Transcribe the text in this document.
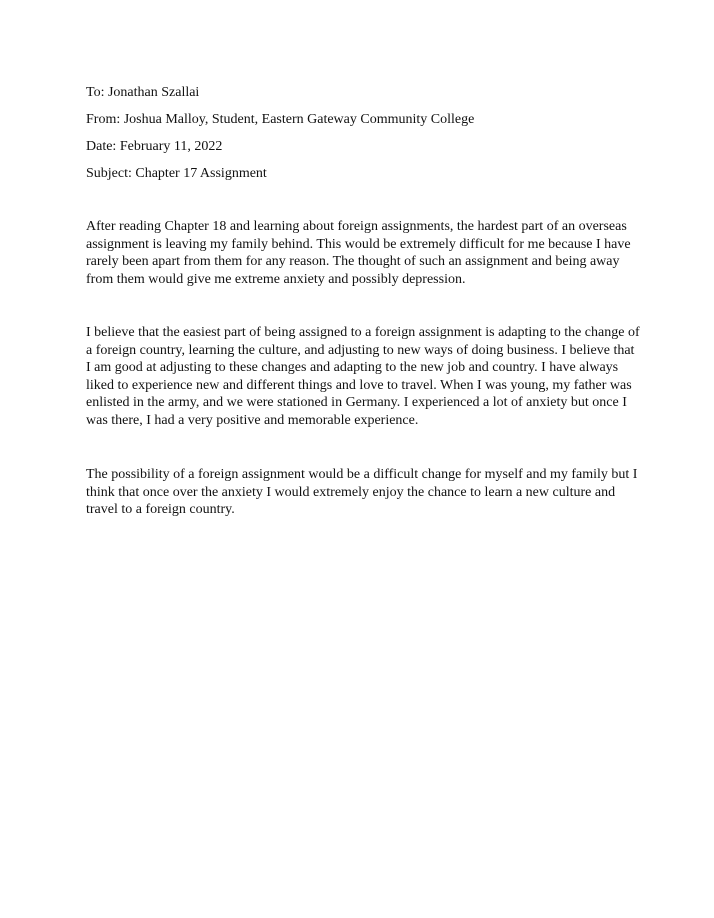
To: Jonathan Szallai

From: Joshua Malloy, Student, Eastern Gateway Community College

Date: February 11, 2022

Subject: Chapter 17 Assignment

After reading Chapter 18 and learning about foreign assignments, the hardest part of an overseas assignment is leaving my family behind. This would be extremely difficult for me because I have rarely been apart from them for any reason. The thought of such an assignment and being away from them would give me extreme anxiety and possibly depression.

I believe that the easiest part of being assigned to a foreign assignment is adapting to the change of a foreign country, learning the culture, and adjusting to new ways of doing business. I believe that I am good at adjusting to these changes and adapting to the new job and country. I have always liked to experience new and different things and love to travel. When I was young, my father was enlisted in the army, and we were stationed in Germany. I experienced a lot of anxiety but once I was there, I had a very positive and memorable experience.

The possibility of a foreign assignment would be a difficult change for myself and my family but I think that once over the anxiety I would extremely enjoy the chance to learn a new culture and travel to a foreign country.
